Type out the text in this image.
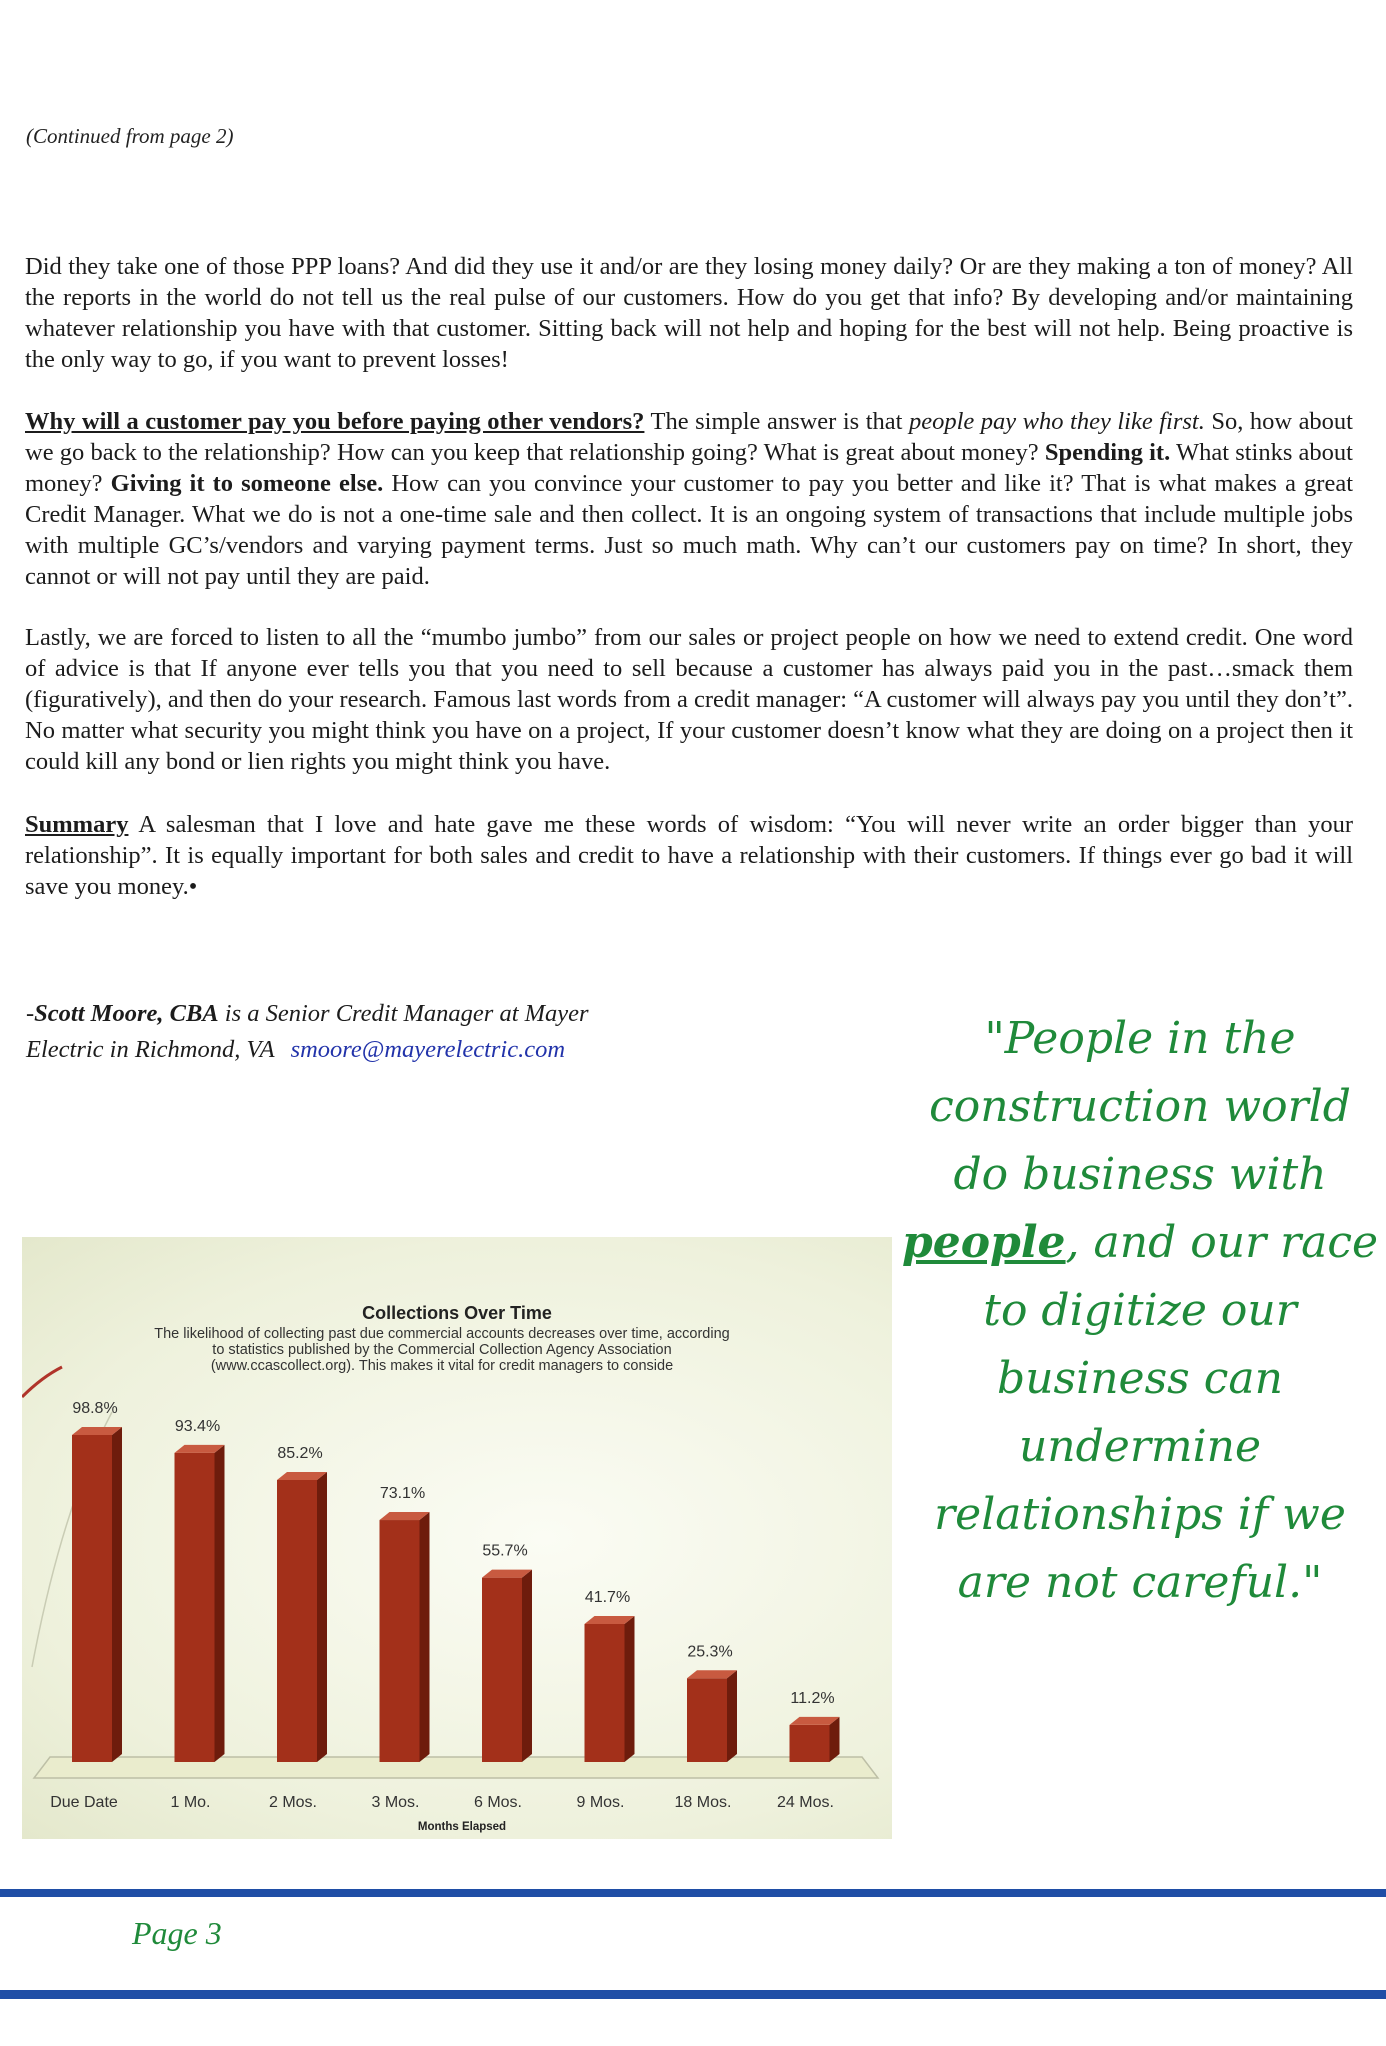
(Continued from page 2)

Did they take one of those PPP loans? And did they use it and/or are they losing money daily? Or are they making a ton of money? All the reports in the world do not tell us the real pulse of our customers. How do you get that info? By developing and/or maintaining whatever relationship you have with that customer. Sitting back will not help and hoping for the best will not help. Being proactive is the only way to go, if you want to prevent losses!

Why will a customer pay you before paying other vendors? The simple answer is that people pay who they like first. So, how about we go back to the relationship? How can you keep that relationship going? What is great about money? Spending it. What stinks about money? Giving it to someone else. How can you convince your customer to pay you better and like it? That is what makes a great Credit Manager. What we do is not a one-time sale and then collect. It is an ongoing system of transactions that include multiple jobs with multiple GC’s/vendors and varying payment terms. Just so much math. Why can’t our customers pay on time? In short, they cannot or will not pay until they are paid.

Lastly, we are forced to listen to all the “mumbo jumbo” from our sales or project people on how we need to extend credit. One word of advice is that If anyone ever tells you that you need to sell because a customer has always paid you in the past…smack them (figuratively), and then do your research. Famous last words from a credit manager: “A customer will always pay you until they don’t”. No matter what security you might think you have on a project, If your customer doesn’t know what they are doing on a project then it could kill any bond or lien rights you might think you have.

Summary A salesman that I love and hate gave me these words of wisdom: “You will never write an order bigger than your relationship”. It is equally important for both sales and credit to have a relationship with their customers. If things ever go bad it will save you money.•

-Scott Moore, CBA is a Senior Credit Manager at Mayer
Electric in Richmond, VA smoore@mayerelectric.com	"People in the construction world do business with people, and our race to digitize our business can undermine relationships if we are not careful."
Collections Over Time
The likelihood of collecting past due commercial accounts decreases over time, according
to statistics published by the Commercial Collection Agency Association
(www.ccascollect.org). This makes it vital for credit managers to conside
98.8%
Due Date
93.4%
1 Mo.
85.2%
2 Mos.
73.1%
3 Mos.
55.7%
6 Mos.
41.7%
9 Mos.
25.3%
18 Mos.
11.2%
24 Mos.
Months Elapsed
Page 3
